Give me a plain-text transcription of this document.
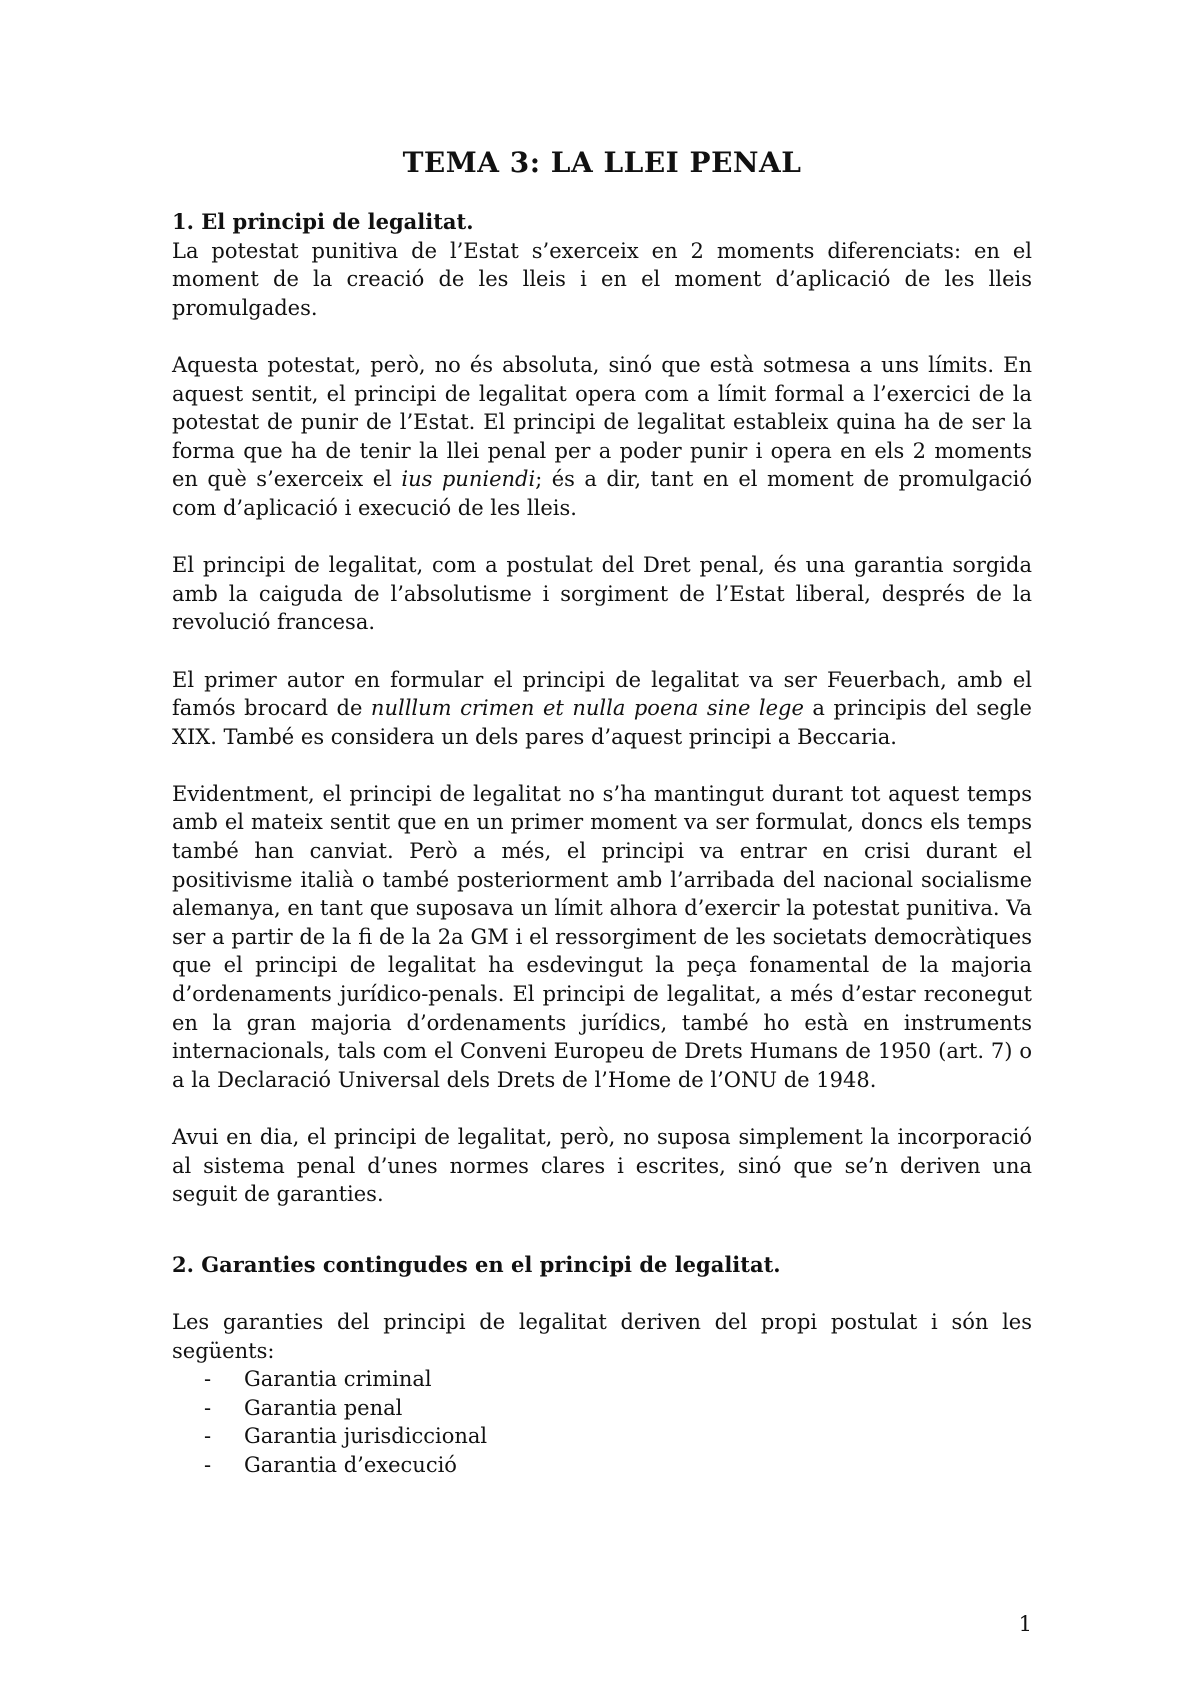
TEMA 3: LA LLEI PENAL

1. El principi de legalitat.

La potestat punitiva de l’Estat s’exerceix en 2 moments diferenciats: en el moment de la creació de les lleis i en el moment d’aplicació de les lleis promulgades.

Aquesta potestat, però, no és absoluta, sinó que està sotmesa a uns límits. En aquest sentit, el principi de legalitat opera com a límit formal a l’exercici de la potestat de punir de l’Estat. El principi de legalitat estableix quina ha de ser la forma que ha de tenir la llei penal per a poder punir i opera en els 2 moments en què s’exerceix el ius puniendi; és a dir, tant en el moment de promulgació com d’aplicació i execució de les lleis.

El principi de legalitat, com a postulat del Dret penal, és una garantia sorgida amb la caiguda de l’absolutisme i sorgiment de l’Estat liberal, després de la revolució francesa.

El primer autor en formular el principi de legalitat va ser Feuerbach, amb el famós brocard de nulllum crimen et nulla poena sine lege a principis del segle XIX. També es considera un dels pares d’aquest principi a Beccaria.

Evidentment, el principi de legalitat no s’ha mantingut durant tot aquest temps amb el mateix sentit que en un primer moment va ser formulat, doncs els temps també han canviat. Però a més, el principi va entrar en crisi durant el positivisme italià o també posteriorment amb l’arribada del nacional socialisme alemanya, en tant que suposava un límit alhora d’exercir la potestat punitiva. Va ser a partir de la fi de la 2a GM i el ressorgiment de les societats democràtiques que el principi de legalitat ha esdevingut la peça fonamental de la majoria d’ordenaments jurídico-penals. El principi de legalitat, a més d’estar reconegut en la gran majoria d’ordenaments jurídics, també ho està en instruments internacionals, tals com el Conveni Europeu de Drets Humans de 1950 (art. 7) o a la Declaració Universal dels Drets de l’Home de l’ONU de 1948.

Avui en dia, el principi de legalitat, però, no suposa simplement la incorporació al sistema penal d’unes normes clares i escrites, sinó que se’n deriven una seguit de garanties.

2. Garanties contingudes en el principi de legalitat.

Les garanties del principi de legalitat deriven del propi postulat i són les següents:

- Garantia criminal
- Garantia penal
- Garantia jurisdiccional
- Garantia d’execució
1
